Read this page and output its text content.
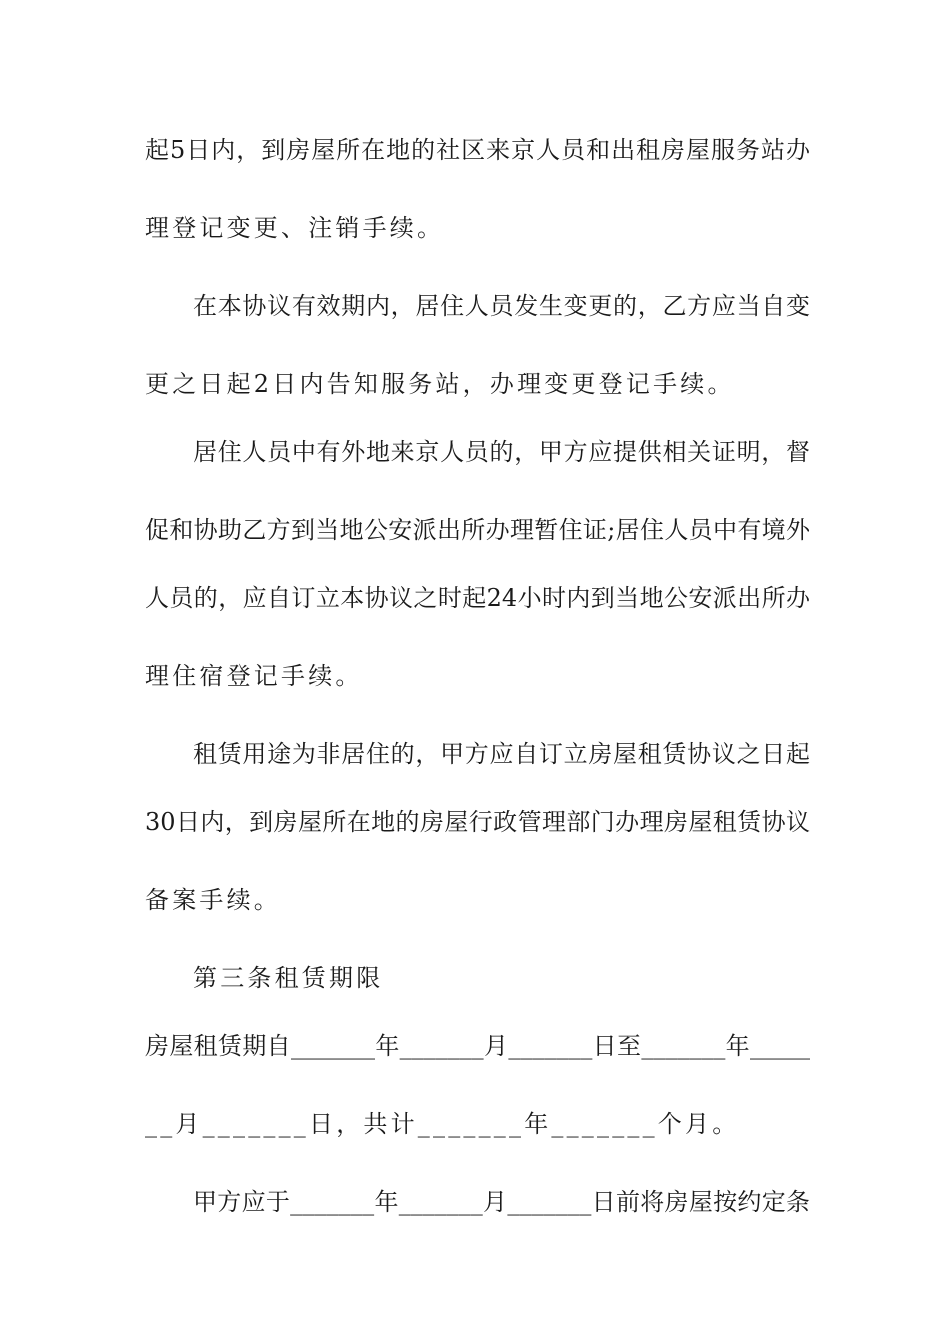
起5日内，到房屋所在地的社区来京人员和出租房屋服务站办
理登记变更、注销手续。
在本协议有效期内，居住人员发生变更的，乙方应当自变
更之日起2日内告知服务站，办理变更登记手续。
居住人员中有外地来京人员的，甲方应提供相关证明，督
促和协助乙方到当地公安派出所办理暂住证;居住人员中有境外
人员的，应自订立本协议之时起24小时内到当地公安派出所办
理住宿登记手续。
租赁用途为非居住的，甲方应自订立房屋租赁协议之日起
30日内，到房屋所在地的房屋行政管理部门办理房屋租赁协议
备案手续。
第三条租赁期限
房屋租赁期自_______年_______月_______日至_______年_____
__月_______日，共计_______年_______个月。
甲方应于_______年_______月_______日前将房屋按约定条
